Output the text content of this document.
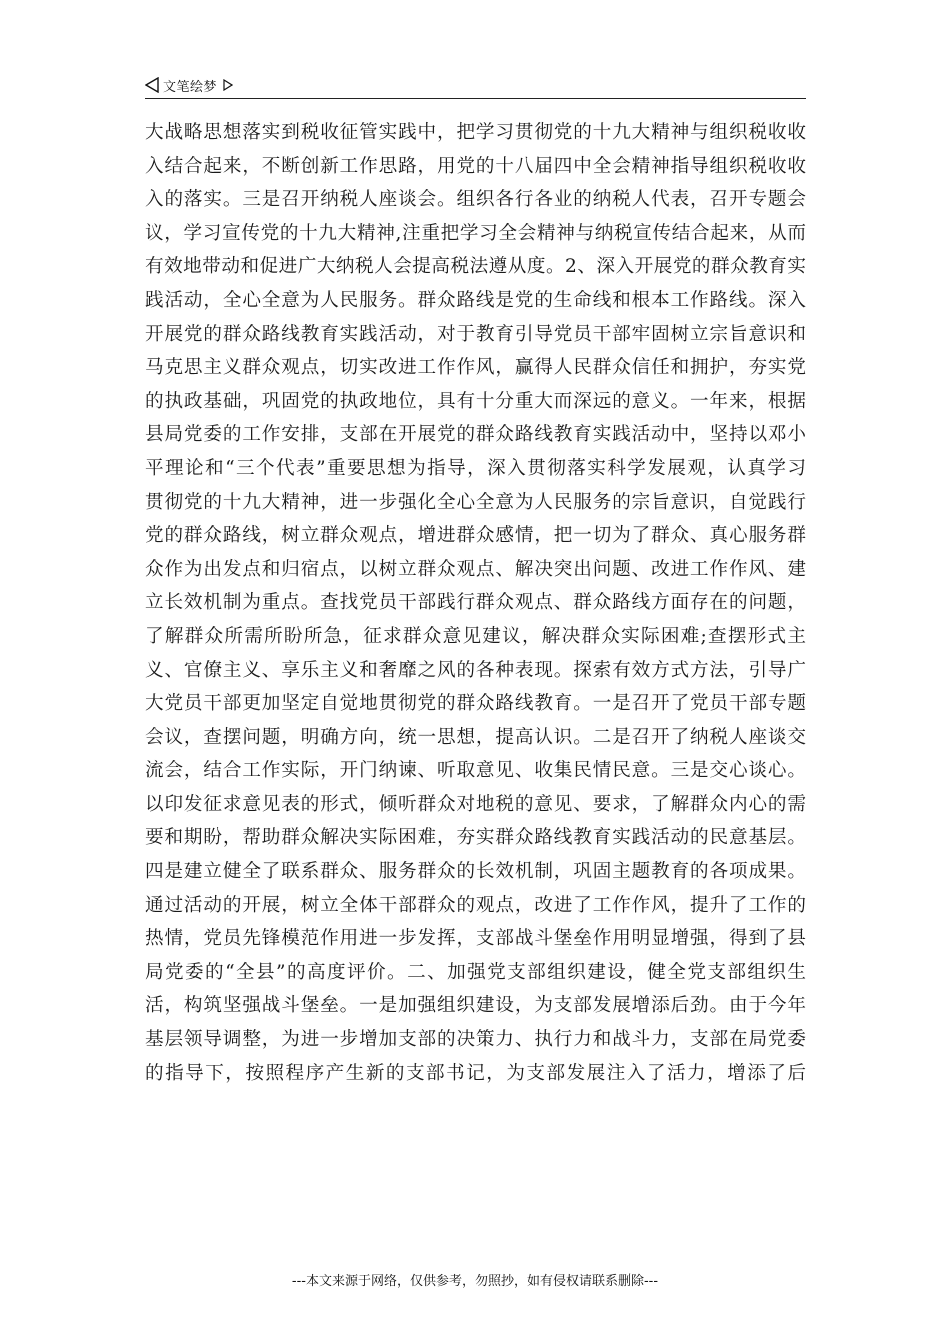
文笔绘梦
大战略思想落实到税收征管实践中，把学习贯彻党的十九大精神与组织税收收
入结合起来，不断创新工作思路，用党的十八届四中全会精神指导组织税收收
入的落实。三是召开纳税人座谈会。组织各行各业的纳税人代表，召开专题会
议，学习宣传党的十九大精神,注重把学习全会精神与纳税宣传结合起来，从而
有效地带动和促进广大纳税人会提高税法遵从度。2、深入开展党的群众教育实
践活动，全心全意为人民服务。群众路线是党的生命线和根本工作路线。深入
开展党的群众路线教育实践活动，对于教育引导党员干部牢固树立宗旨意识和
马克思主义群众观点，切实改进工作作风，赢得人民群众信任和拥护，夯实党
的执政基础，巩固党的执政地位，具有十分重大而深远的意义。一年来，根据
县局党委的工作安排，支部在开展党的群众路线教育实践活动中，坚持以邓小
平理论和“三个代表”重要思想为指导，深入贯彻落实科学发展观，认真学习
贯彻党的十九大精神，进一步强化全心全意为人民服务的宗旨意识，自觉践行
党的群众路线，树立群众观点，增进群众感情，把一切为了群众、真心服务群
众作为出发点和归宿点，以树立群众观点、解决突出问题、改进工作作风、建
立长效机制为重点。查找党员干部践行群众观点、群众路线方面存在的问题，
了解群众所需所盼所急，征求群众意见建议，解决群众实际困难;查摆形式主
义、官僚主义、享乐主义和奢靡之风的各种表现。探索有效方式方法，引导广
大党员干部更加坚定自觉地贯彻党的群众路线教育。一是召开了党员干部专题
会议，查摆问题，明确方向，统一思想，提高认识。二是召开了纳税人座谈交
流会，结合工作实际，开门纳谏、听取意见、收集民情民意。三是交心谈心。
以印发征求意见表的形式，倾听群众对地税的意见、要求，了解群众内心的需
要和期盼，帮助群众解决实际困难，夯实群众路线教育实践活动的民意基层。
四是建立健全了联系群众、服务群众的长效机制，巩固主题教育的各项成果。
通过活动的开展，树立全体干部群众的观点，改进了工作作风，提升了工作的
热情，党员先锋模范作用进一步发挥，支部战斗堡垒作用明显增强，得到了县
局党委的“全县”的高度评价。二、加强党支部组织建设，健全党支部组织生
活，构筑坚强战斗堡垒。一是加强组织建设，为支部发展增添后劲。由于今年
基层领导调整，为进一步增加支部的决策力、执行力和战斗力，支部在局党委
的指导下，按照程序产生新的支部书记，为支部发展注入了活力，增添了后
---本文来源于网络，仅供参考，勿照抄，如有侵权请联系删除---
